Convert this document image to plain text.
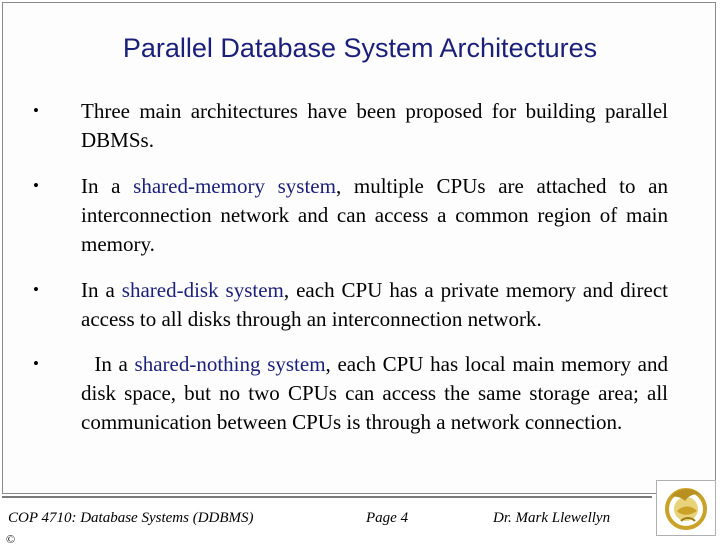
Parallel Database System Architectures
• Three main architectures have been proposed for building parallel DBMSs.
• In a shared-memory system, multiple CPUs are attached to an interconnection network and can access a common region of main memory.
• In a shared-disk system, each CPU has a private memory and direct access to all disks through an interconnection network.
• In a shared-nothing system, each CPU has local main memory and disk space, but no two CPUs can access the same storage area; all communication between CPUs is through a network connection.
COP 4710: Database Systems (DDBMS)	Page 4	Dr. Mark Llewellyn
©
